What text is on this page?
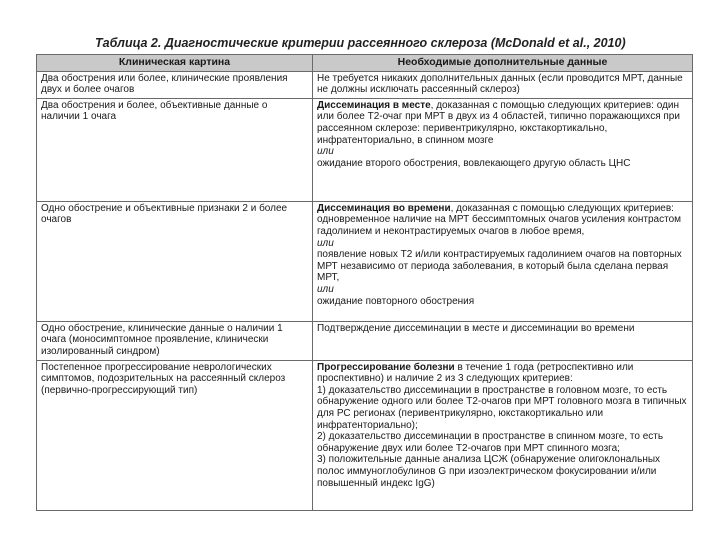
Таблица 2. Диагностические критерии рассеянного склероза (McDonald et al., 2010)
Клиническая картина	Необходимые дополнительные данные
Два обострения или более, клинические проявления двух и более очагов	Не требуется никаких дополнительных данных (если проводится МРТ, данные не должны исключать рассеянный склероз)
Два обострения и более, объективные данные о наличии 1 очага	Диссеминация в месте, доказанная с помощью следующих критериев: один или более Т2-очаг при МРТ в двух из 4 областей, типично поражающихся при рассеянном склерозе: перивентрикулярно, юкстакортикально, инфратенториально, в спинном мозге
или
ожидание второго обострения, вовлекающего другую область ЦНС

Одно обострение и объективные признаки 2 и более очагов	Диссеминация во времени, доказанная с помощью следующих критериев: одновременное наличие на МРТ бессимптомных очагов усиления контрастом гадолинием и неконтрастируемых очагов в любое время,
или
появление новых Т2 и/или контрастируемых гадолинием очагов на повторных МРТ независимо от периода заболевания, в который была сделана первая МРТ,
или
ожидание повторного обострения

Одно обострение, клинические данные о наличии 1 очага (моносимптомное проявление, клинически изолированный синдром)	Подтверждение диссеминации в месте и диссеминации во времени
Постепенное прогрессирование неврологических симптомов, подозрительных на рассеянный склероз (первично-прогрессирующий тип)	Прогрессирование болезни в течение 1 года (ретроспективно или проспективно) и наличие 2 из 3 следующих критериев:
1) доказательство диссеминации в пространстве в головном мозге, то есть обнаружение одного или более Т2-очагов при МРТ головного мозга в типичных для РС регионах (перивентрикулярно, юкстакортикально или инфратенториально);
2) доказательство диссеминации в пространстве в спинном мозге, то есть обнаружение двух или более Т2-очагов при МРТ спинного мозга;
3) положительные данные анализа ЦСЖ (обнаружение олигоклональных полос иммуноглобулинов G при изоэлектрическом фокусировании и/или повышенный индекс IgG)
